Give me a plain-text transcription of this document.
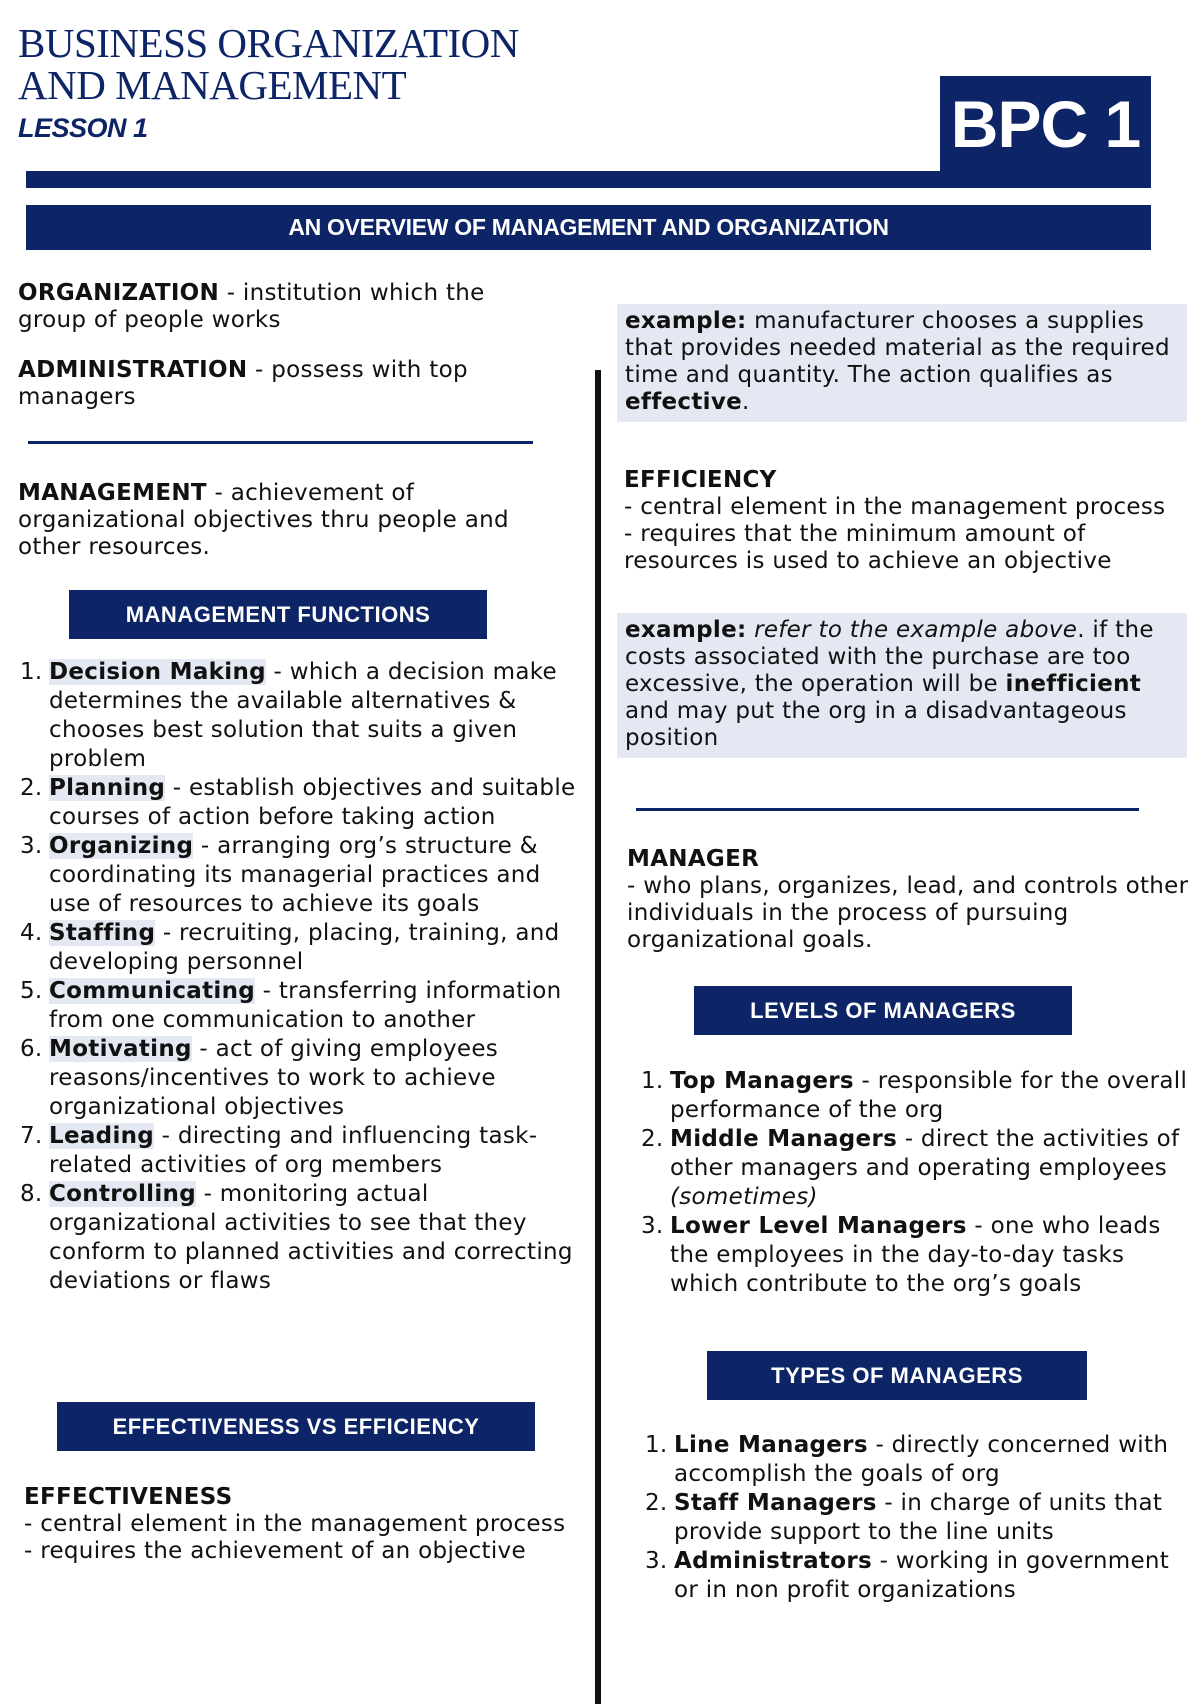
BUSINESS ORGANIZATION
AND MANAGEMENT
LESSON 1	BPC 1
AN OVERVIEW OF MANAGEMENT AND ORGANIZATION
ORGANIZATION - institution which the group of people works
ADMINISTRATION - possess with top managers
MANAGEMENT - achievement of organizational objectives thru people and other resources.
MANAGEMENT FUNCTIONS
1. Decision Making - which a decision make determines the available alternatives & chooses best solution that suits a given problem
2. Planning - establish objectives and suitable courses of action before taking action
3. Organizing - arranging org’s structure & coordinating its managerial practices and use of resources to achieve its goals
4. Staffing - recruiting, placing, training, and developing personnel
5. Communicating - transferring information from one communication to another
6. Motivating - act of giving employees reasons/incentives to work to achieve organizational objectives
7. Leading - directing and influencing task-related activities of org members
8. Controlling - monitoring actual organizational activities to see that they conform to planned activities and correcting deviations or flaws
EFFECTIVENESS VS EFFICIENCY
EFFECTIVENESS
- central element in the management process
- requires the achievement of an objective
example: manufacturer chooses a supplies that provides needed material as the required time and quantity. The action qualifies as effective.
EFFICIENCY
- central element in the management process
- requires that the minimum amount of resources is used to achieve an objective
example: refer to the example above. if the costs associated with the purchase are too excessive, the operation will be inefficient and may put the org in a disadvantageous position
MANAGER
- who plans, organizes, lead, and controls other individuals in the process of pursuing organizational goals.
LEVELS OF MANAGERS
1. Top Managers - responsible for the overall performance of the org
2. Middle Managers - direct the activities of other managers and operating employees (sometimes)
3. Lower Level Managers - one who leads the employees in the day-to-day tasks which contribute to the org’s goals
TYPES OF MANAGERS
1. Line Managers - directly concerned with accomplish the goals of org
2. Staff Managers - in charge of units that provide support to the line units
3. Administrators - working in government or in non profit organizations
